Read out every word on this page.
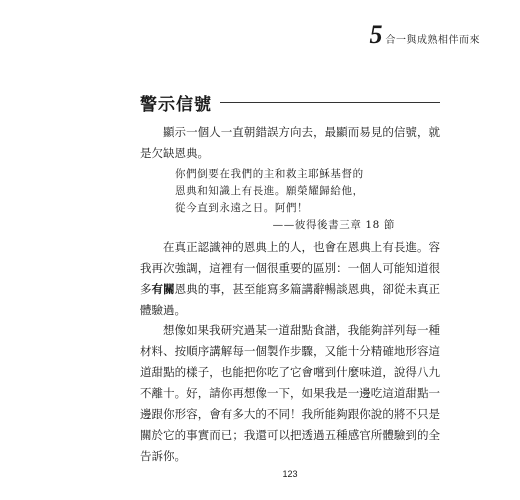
5 合一與成熟相伴而來
警示信號

顯示一個人一直朝錯誤方向去，最顯而易見的信號，就是欠缺恩典。

你們倒要在我們的主和救主耶穌基督的
恩典和知識上有長進。願榮耀歸給他，
從今直到永遠之日。阿們！
——彼得後書三章 18 節

在真正認識神的恩典上的人，也會在恩典上有長進。容我再次強調，這裡有一個很重要的區別：一個人可能知道很多有關恩典的事，甚至能寫多篇講辭暢談恩典，卻從未真正體驗過。

想像如果我研究過某一道甜點食譜，我能夠詳列每一種材料、按順序講解每一個製作步驟，又能十分精確地形容這道甜點的樣子，也能把你吃了它會嚐到什麼味道，說得八九不離十。好，請你再想像一下，如果我是一邊吃這道甜點一邊跟你形容，會有多大的不同！我所能夠跟你說的將不只是關於它的事實而已；我還可以把透過五種感官所體驗到的全告訴你。

123
